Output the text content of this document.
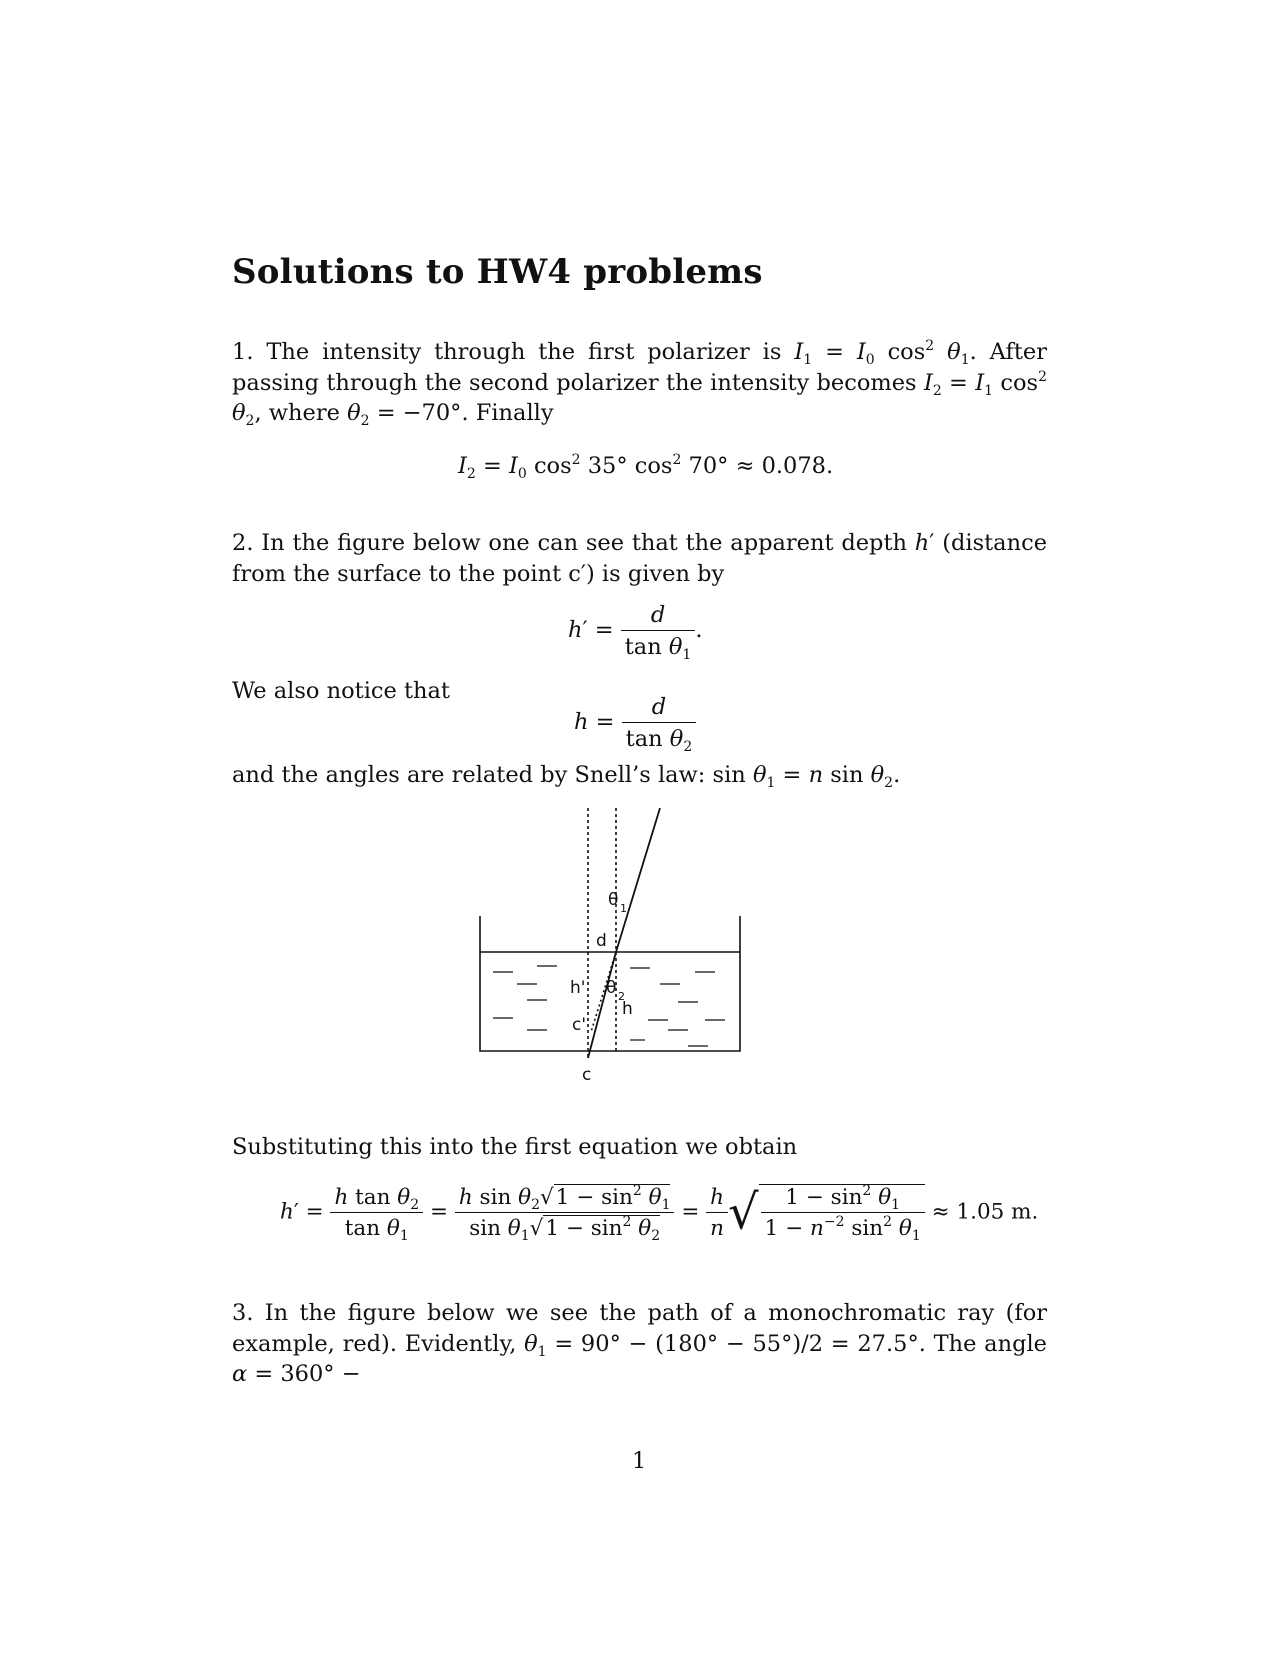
Solutions to HW4 problems
1. The intensity through the first polarizer is $I_1 = I_0$ $\cos^2 \theta_1$. After passing through the second polarizer the intensity becomes $I_2 = I_1$ $\cos^2 \theta_2$, where $\theta_2 = -70^\circ$. Finally
$I_2 = I_0$ $\cos^2 35^\circ$ $\cos^2 70^\circ \approx 0.078$.
2. In the figure below one can see that the apparent depth h′ (distance from the surface to the point c′) is given by
$h' = \frac{d}{\tan \theta_1}$ .
We also notice that
$h = \frac{d}{\tan \theta_2}$
and the angles are related by Snell’s law: $\sin \theta_1 = n$ $\sin \theta_2$.
θ 1
d
h' θ 2
h
c'
c
Substituting this into the first equation we obtain
$h' = \frac{h \tan \theta_2}{\tan \theta_1} = \frac{h \sin \theta_2√1 - \sin^2 \theta_1}{\sin \theta_1√1 - \sin^2 \theta_2} = \frac{h}{n}$ √ $\frac{1 - \sin^2 \theta_1}{1 - n^{-2} \sin^2 \theta_1} \approx 1.05$ m.
3. In the figure below we see the path of a monochromatic ray (for example, red). Evidently, $\theta_1 = 90^\circ - (180^\circ - 55^\circ)/2 = 27.5^\circ$. The angle α = 360° −
1
